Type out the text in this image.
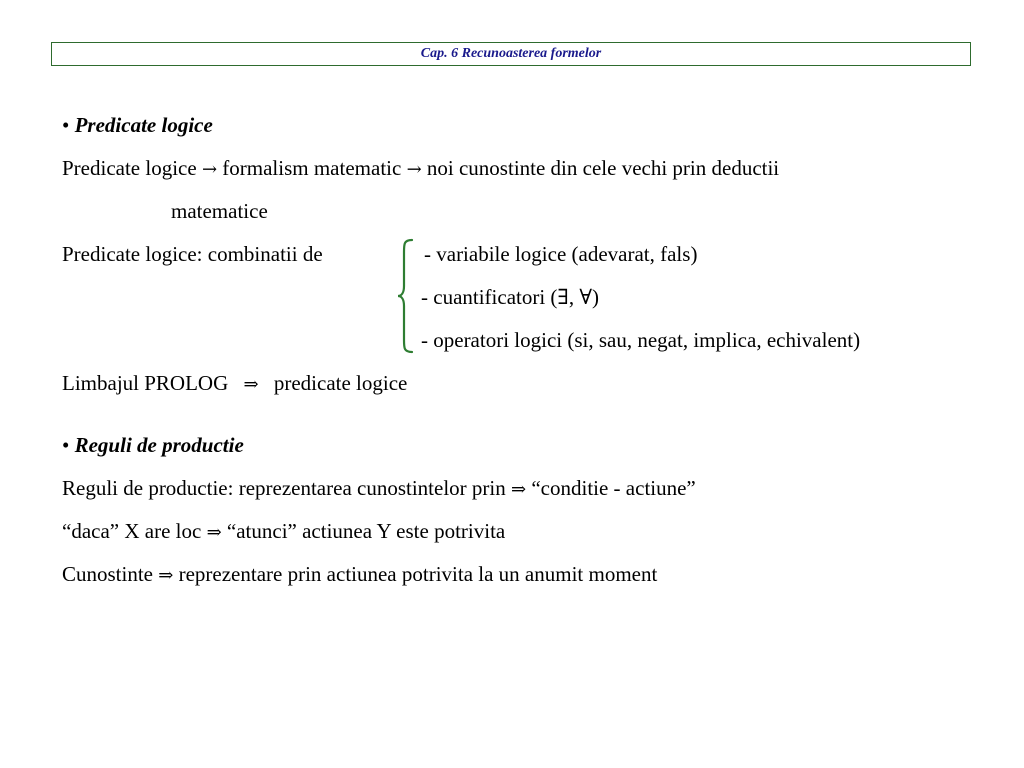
Cap. 6 Recunoasterea formelor
• Predicate logice
Predicate logice → formalism matematic → noi cunostinte din cele vechi prin deductii
matematice
Predicate logice: combinatii de	- variabile logice (adevarat, fals)
- cuantificatori (∃, ∀)
- operatori logici (si, sau, negat, implica, echivalent)
Limbajul PROLOG ⇒ predicate logice
• Reguli de productie
Reguli de productie: reprezentarea cunostintelor prin ⇒ “conditie - actiune”
“daca” X are loc ⇒ “atunci” actiunea Y este potrivita
Cunostinte ⇒ reprezentare prin actiunea potrivita la un anumit moment
